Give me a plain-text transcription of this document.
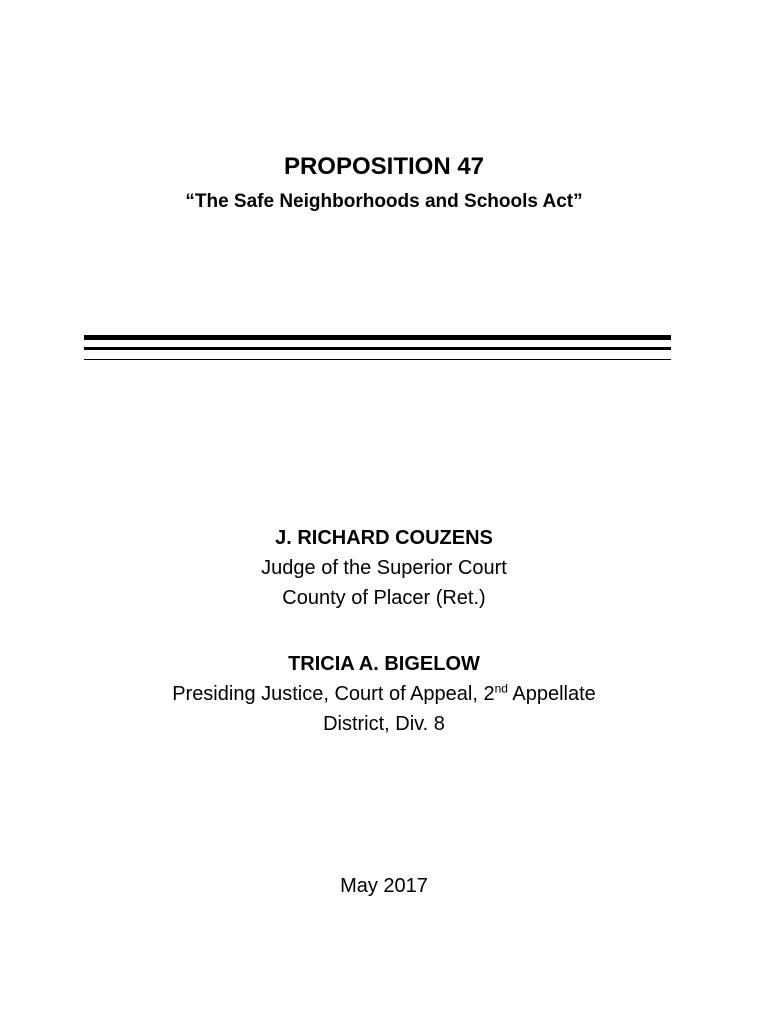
PROPOSITION 47
“The Safe Neighborhoods and Schools Act”
J. RICHARD COUZENS
Judge of the Superior Court
County of Placer (Ret.)
TRICIA A. BIGELOW
Presiding Justice, Court of Appeal, 2nd Appellate
District, Div. 8
May 2017
